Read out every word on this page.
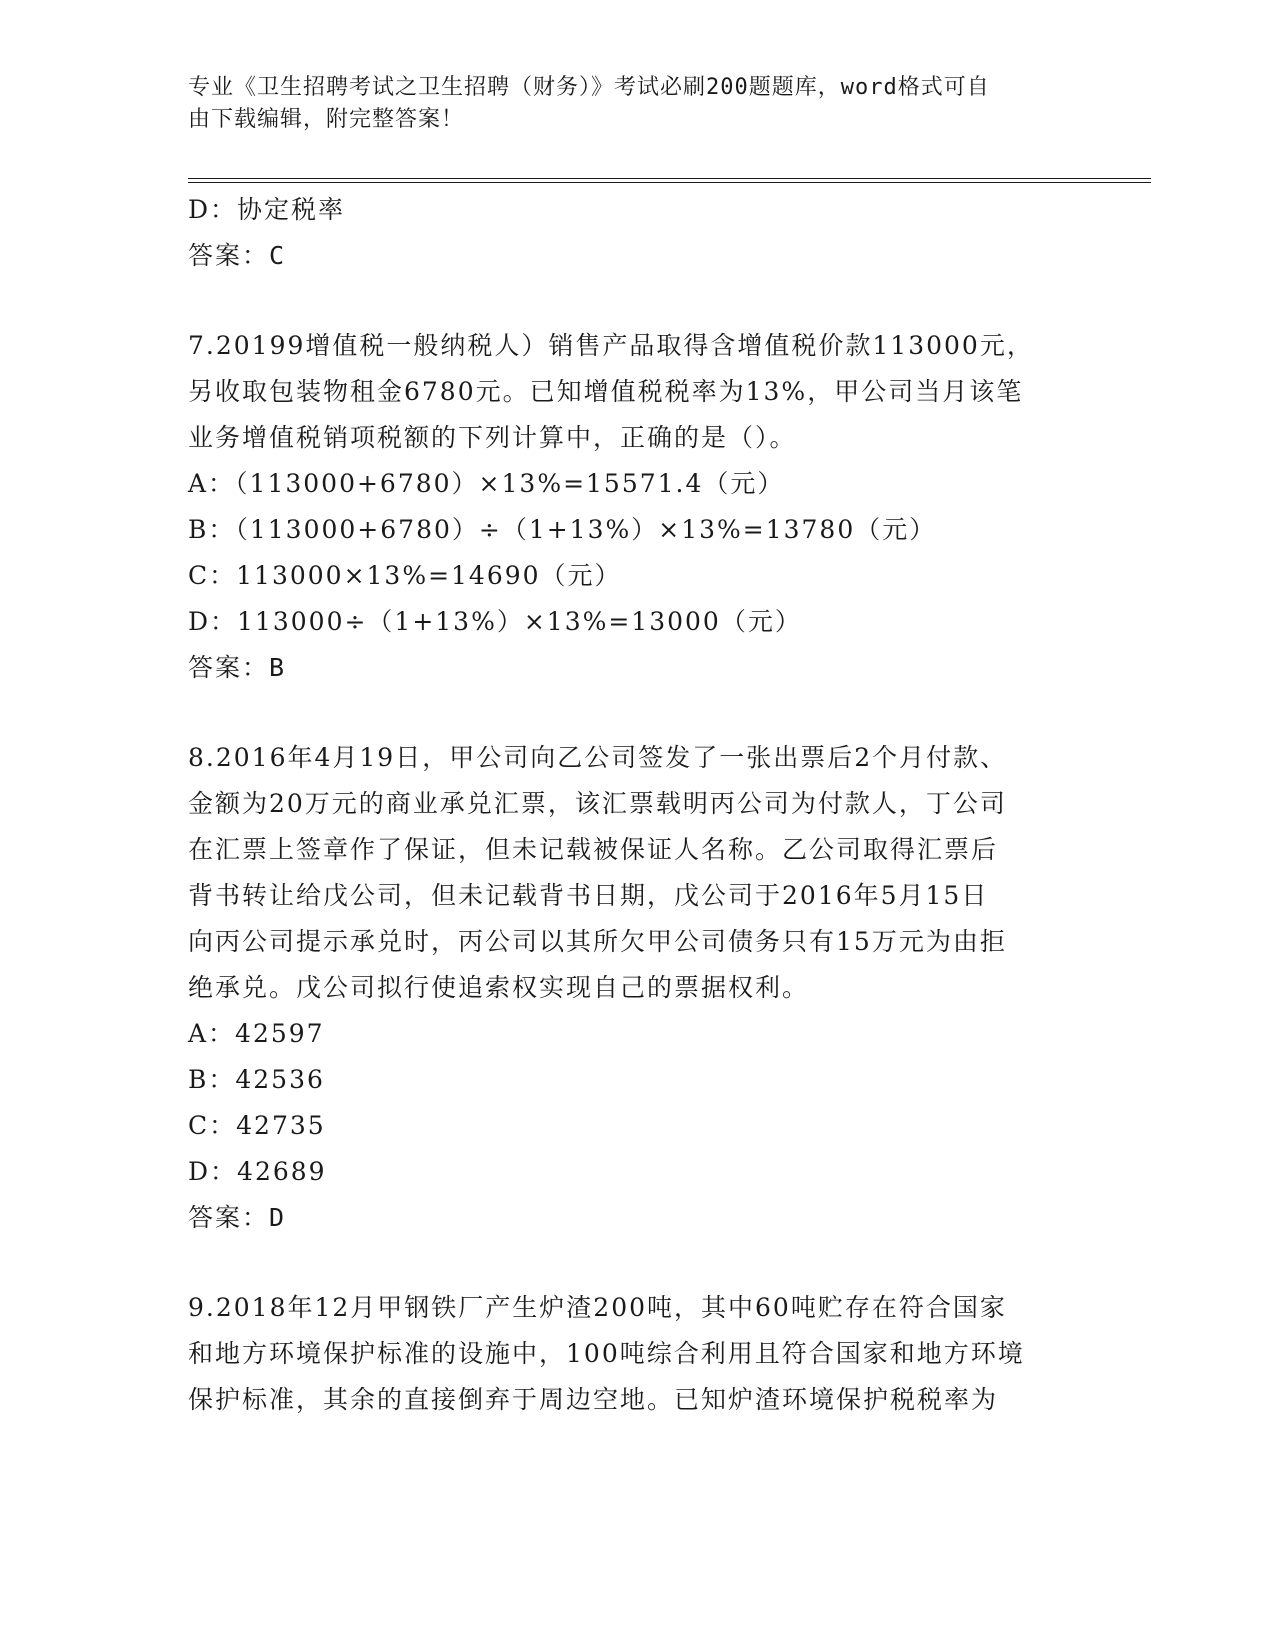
专业《卫生招聘考试之卫生招聘（财务）》考试必刷200题题库，word格式可自
由下载编辑，附完整答案！
D：协定税率
答案：C
7.20199增值税一般纳税人）销售产品取得含增值税价款113000元，
另收取包装物租金6780元。已知增值税税率为13%，甲公司当月该笔
业务增值税销项税额的下列计算中，正确的是（）。
A：（113000+6780）×13%=15571.4（元）
B：（113000+6780）÷（1+13%）×13%=13780（元）
C：113000×13%=14690（元）
D：113000÷（1+13%）×13%=13000（元）
答案：B
8.2016年4月19日，甲公司向乙公司签发了一张出票后2个月付款、
金额为20万元的商业承兑汇票，该汇票载明丙公司为付款人，丁公司
在汇票上签章作了保证，但未记载被保证人名称。乙公司取得汇票后
背书转让给戊公司，但未记载背书日期，戊公司于2016年5月15日
向丙公司提示承兑时，丙公司以其所欠甲公司债务只有15万元为由拒
绝承兑。戊公司拟行使追索权实现自己的票据权利。
A：42597
B：42536
C：42735
D：42689
答案：D
9.2018年12月甲钢铁厂产生炉渣200吨，其中60吨贮存在符合国家
和地方环境保护标准的设施中，100吨综合利用且符合国家和地方环境
保护标准，其余的直接倒弃于周边空地。已知炉渣环境保护税税率为
